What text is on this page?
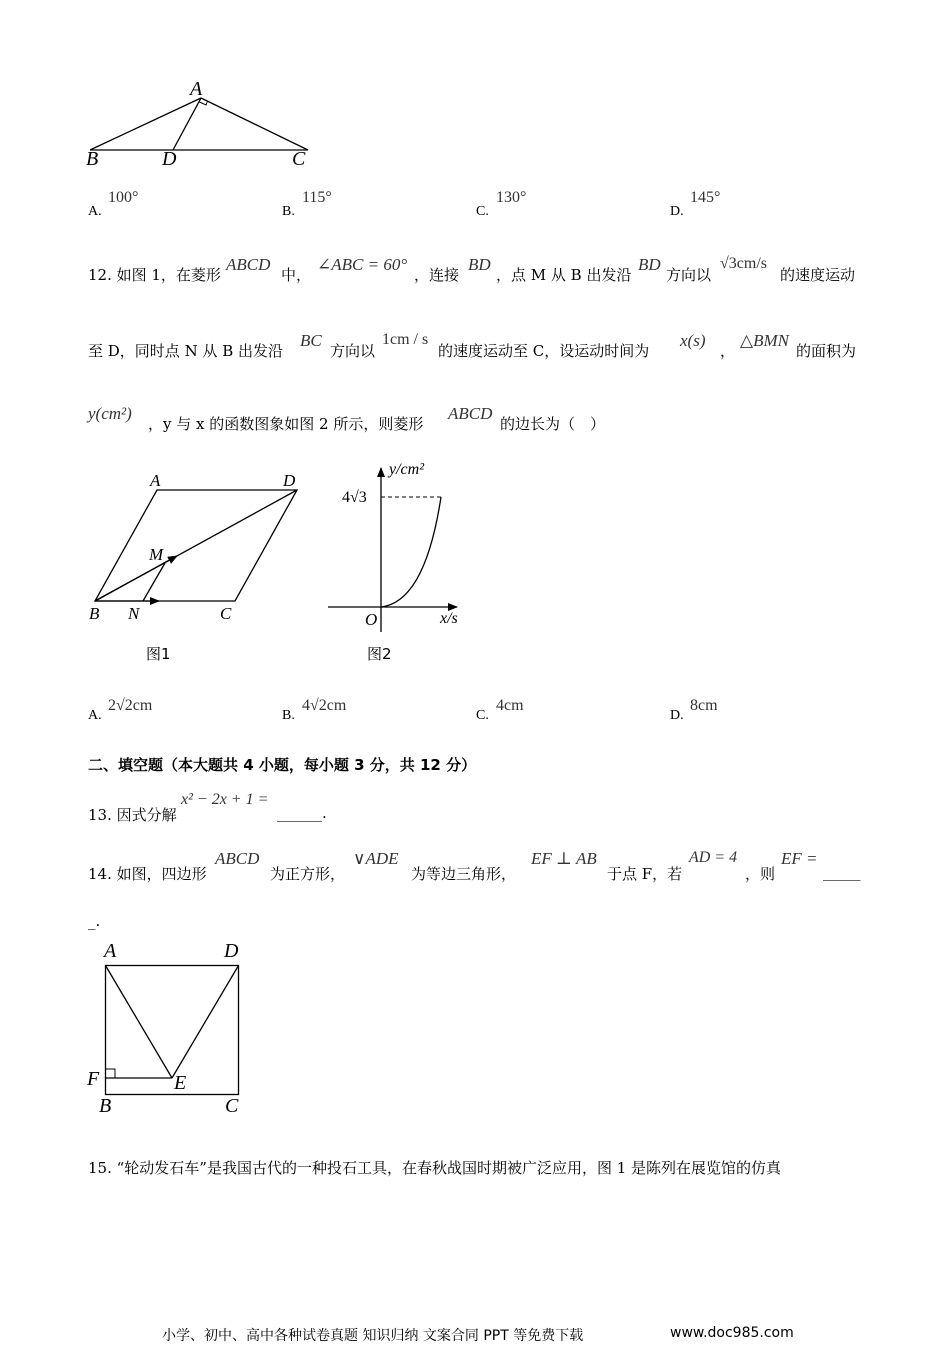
A
B	D	C
A.
100°
B.
115°
C.
130°
D.
145°
12. 如图 1，在菱形
ABCD
中，
∠ABC = 60°
，连接
BD
，点 M 从 B 出发沿
BD
方向以
√3cm/s
的速度运动
至 D，同时点 N 从 B 出发沿
BC
方向以
1cm / s
的速度运动至 C，设运动时间为
x(s)
，
△BMN
的面积为
y(cm²)
，y 与 x 的函数图象如图 2 所示，则菱形
ABCD
的边长为（　）
A	D
M
B N	C
图1
y/cm²
4√3
O	x/s
图2
A.
2√2cm
B.
4√2cm
C.
4cm
D.
8cm
二、填空题（本大题共 4 小题，每小题 3 分，共 12 分）
13. 因式分解
x² − 2x + 1 =
______.
14. 如图，四边形
ABCD
为正方形，
∨ADE
为等边三角形，
EF ⊥ AB
于点 F，若
AD = 4
，则
EF =
_____
_.
A	D
F	E
B	C
15. “轮动发石车”是我国古代的一种投石工具，在春秋战国时期被广泛应用，图 1 是陈列在展览馆的仿真
小学、初中、高中各种试卷真题 知识归纳 文案合同 PPT 等免费下载	www.doc985.com
